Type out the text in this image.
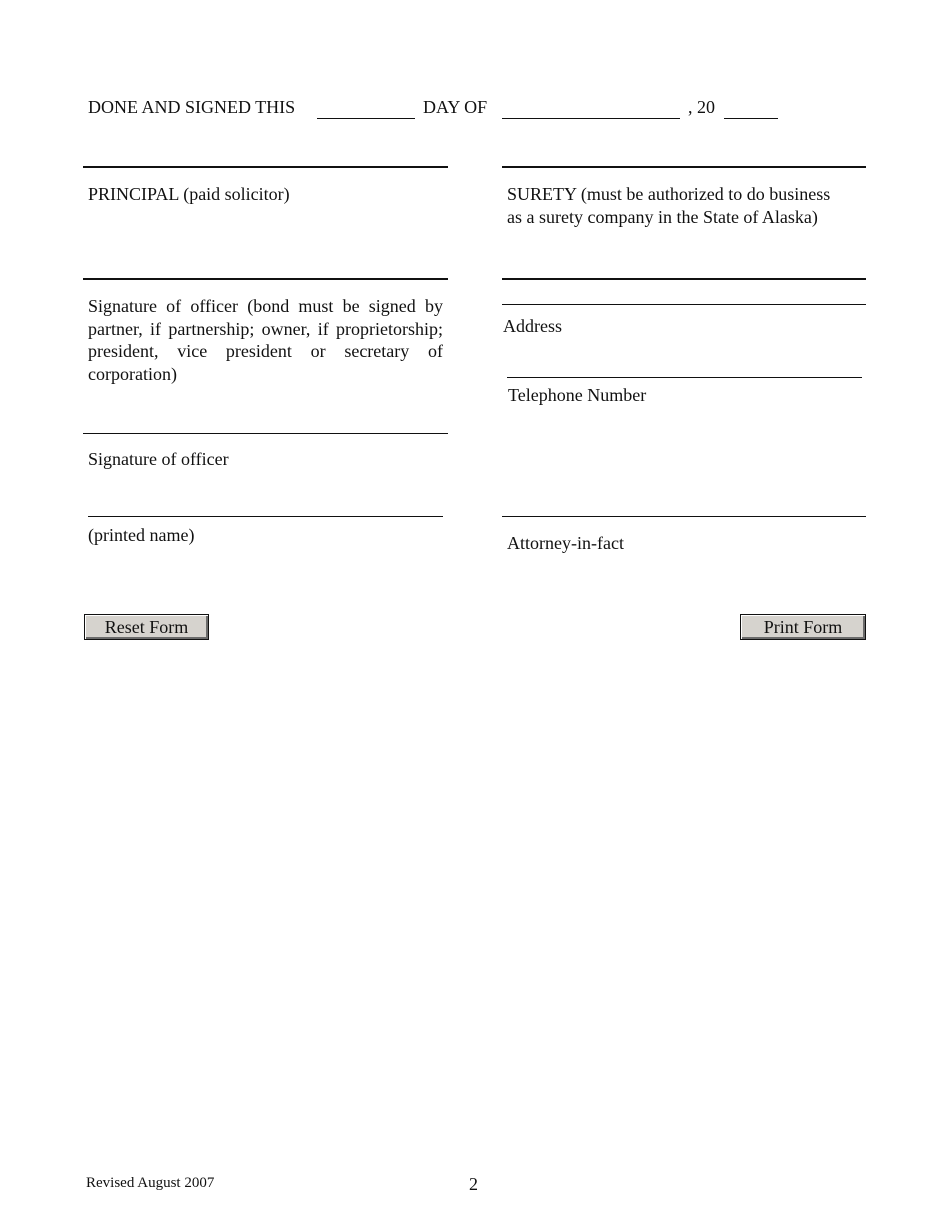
DONE AND SIGNED THIS	DAY OF	, 20
PRINCIPAL (paid solicitor)
Signature of officer (bond must be signed by
partner, if partnership; owner, if proprietorship;
president, vice president or secretary of
corporation)
Signature of officer
(printed name)
SURETY (must be authorized to do business
as a surety company in the State of Alaska)
Address
Telephone Number
Attorney-in-fact
Reset Form	Print Form
Revised August 2007	2
